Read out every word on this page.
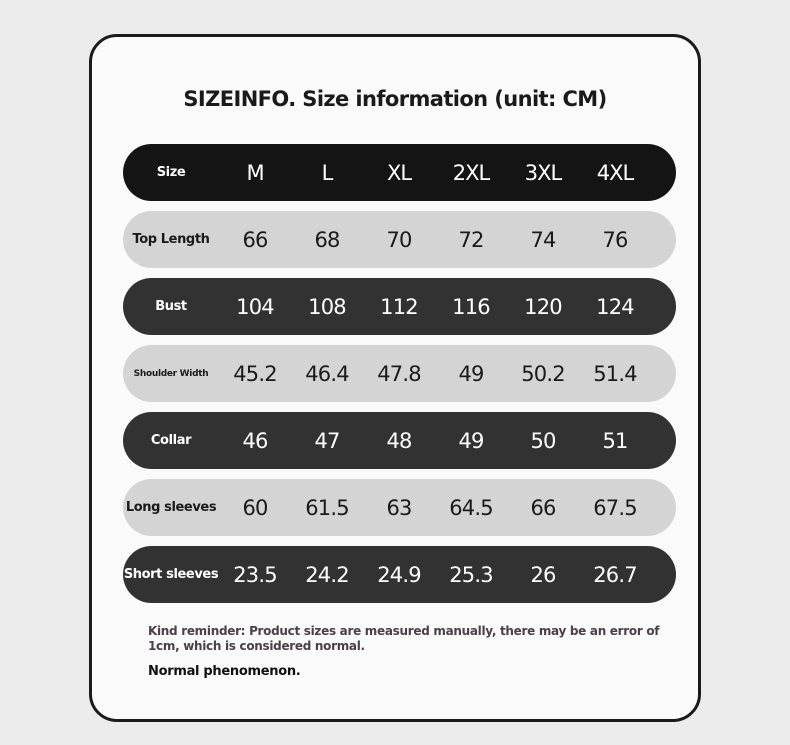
SIZEINFO. Size information (unit: CM)
Size	M	L	XL	2XL	3XL	4XL
Top Length	66	68	70	72	74	76
Bust	104	108	112	116	120	124
Shoulder Width	45.2	46.4	47.8	49	50.2	51.4
Collar	46	47	48	49	50	51
Long sleeves	60	61.5	63	64.5	66	67.5
Short sleeves 23.5	24.2	24.9	25.3	26	26.7
Kind reminder: Product sizes are measured manually, there may be an error of 1cm, which is considered normal.
Normal phenomenon.
